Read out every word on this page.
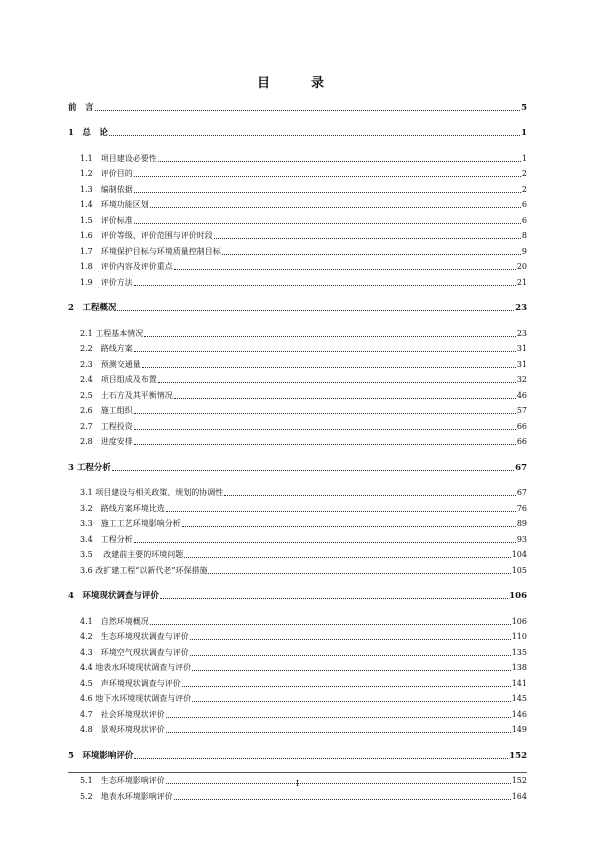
目　录
前　言	5
1　总　论	1
1.1　项目建设必要性	1
1.2　评价目的	2
1.3　编制依据	2
1.4　环境功能区划	6
1.5　评价标准	6
1.6　评价等级、评价范围与评价时段	8
1.7　环境保护目标与环境质量控制目标	9
1.8　评价内容及评价重点	20
1.9　评价方法	21
2　工程概况	23
2.1 工程基本情况	23
2.2　路线方案	31
2.3　预测交通量	31
2.4　项目组成及布置	32
2.5　土石方及其平衡情况	46
2.6　施工组织	57
2.7　工程投资	66
2.8　进度安排	66
3 工程分析	67
3.1 项目建设与相关政策、规划的协调性	67
3.2　路线方案环境比选	76
3.3　施工工艺环境影响分析	89
3.4　工程分析	93
3.5　 改建前主要的环境问题	104
3.6 改扩建工程“以新代老”环保措施	105
4　环境现状调查与评价	106
4.1　自然环境概况	106
4.2　生态环境现状调查与评价	110
4.3　环境空气现状调查与评价	135
4.4 地表水环境现状调查与评价	138
4.5　声环境现状调查与评价	141
4.6 地下水环境现状调查与评价	145
4.7　社会环境现状评价	146
4.8　景观环境现状评价	149
5　环境影响评价	152
5.1　生态环境影响评价	152
5.2　地表水环境影响评价	164
I
